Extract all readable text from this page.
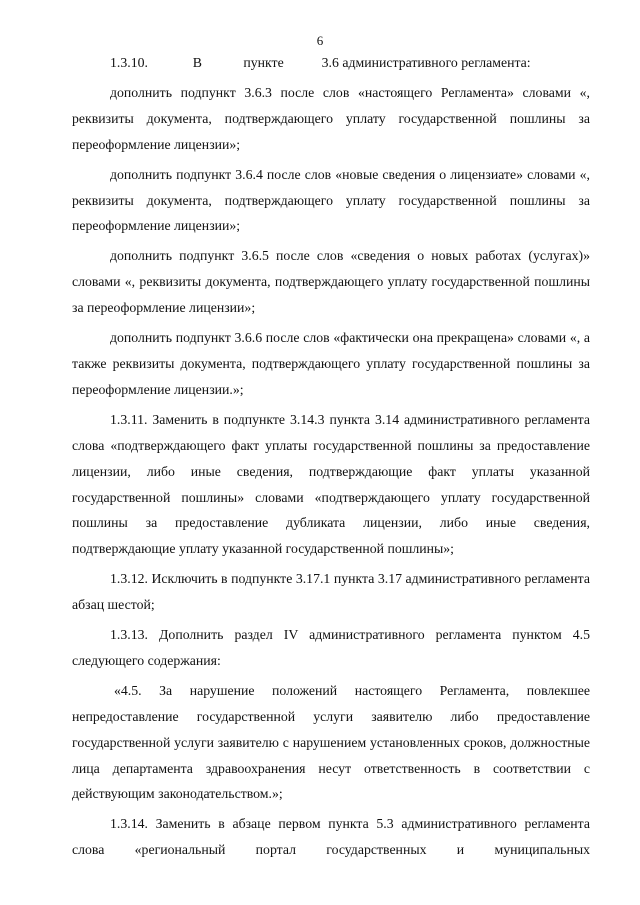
6

1.3.10.             В            пункте           3.6 административного регламента:

дополнить подпункт 3.6.3 после слов «настоящего Регламента» словами «, реквизиты документа, подтверждающего уплату государственной пошлины за переоформление лицензии»;

дополнить подпункт 3.6.4 после слов «новые сведения о лицензиате» словами «, реквизиты документа, подтверждающего уплату государственной пошлины за переоформление лицензии»;

дополнить подпункт 3.6.5 после слов «сведения о новых работах (услугах)» словами «, реквизиты документа, подтверждающего уплату государственной пошлины за переоформление лицензии»;

дополнить подпункт 3.6.6 после слов «фактически она прекращена» словами «, а также реквизиты документа, подтверждающего уплату государственной пошлины за переоформление лицензии.»;

1.3.11. Заменить в подпункте 3.14.3 пункта 3.14 административного регламента слова «подтверждающего факт уплаты государственной пошлины за предоставление лицензии, либо иные сведения, подтверждающие факт уплаты указанной государственной пошлины» словами «подтверждающего уплату государственной пошлины за предоставление дубликата лицензии, либо иные сведения, подтверждающие уплату указанной государственной пошлины»;

1.3.12. Исключить в подпункте 3.17.1 пункта 3.17 административного регламента абзац шестой;

1.3.13. Дополнить раздел IV административного регламента пунктом 4.5 следующего содержания:

«4.5. За нарушение положений настоящего Регламента, повлекшее непредоставление государственной услуги заявителю либо предоставление государственной услуги заявителю с нарушением установленных сроков, должностные лица департамента здравоохранения несут ответственность в соответствии с действующим законодательством.»;

1.3.14. Заменить в абзаце первом пункта 5.3 административного регламента слова «региональный портал государственных и муниципальных
